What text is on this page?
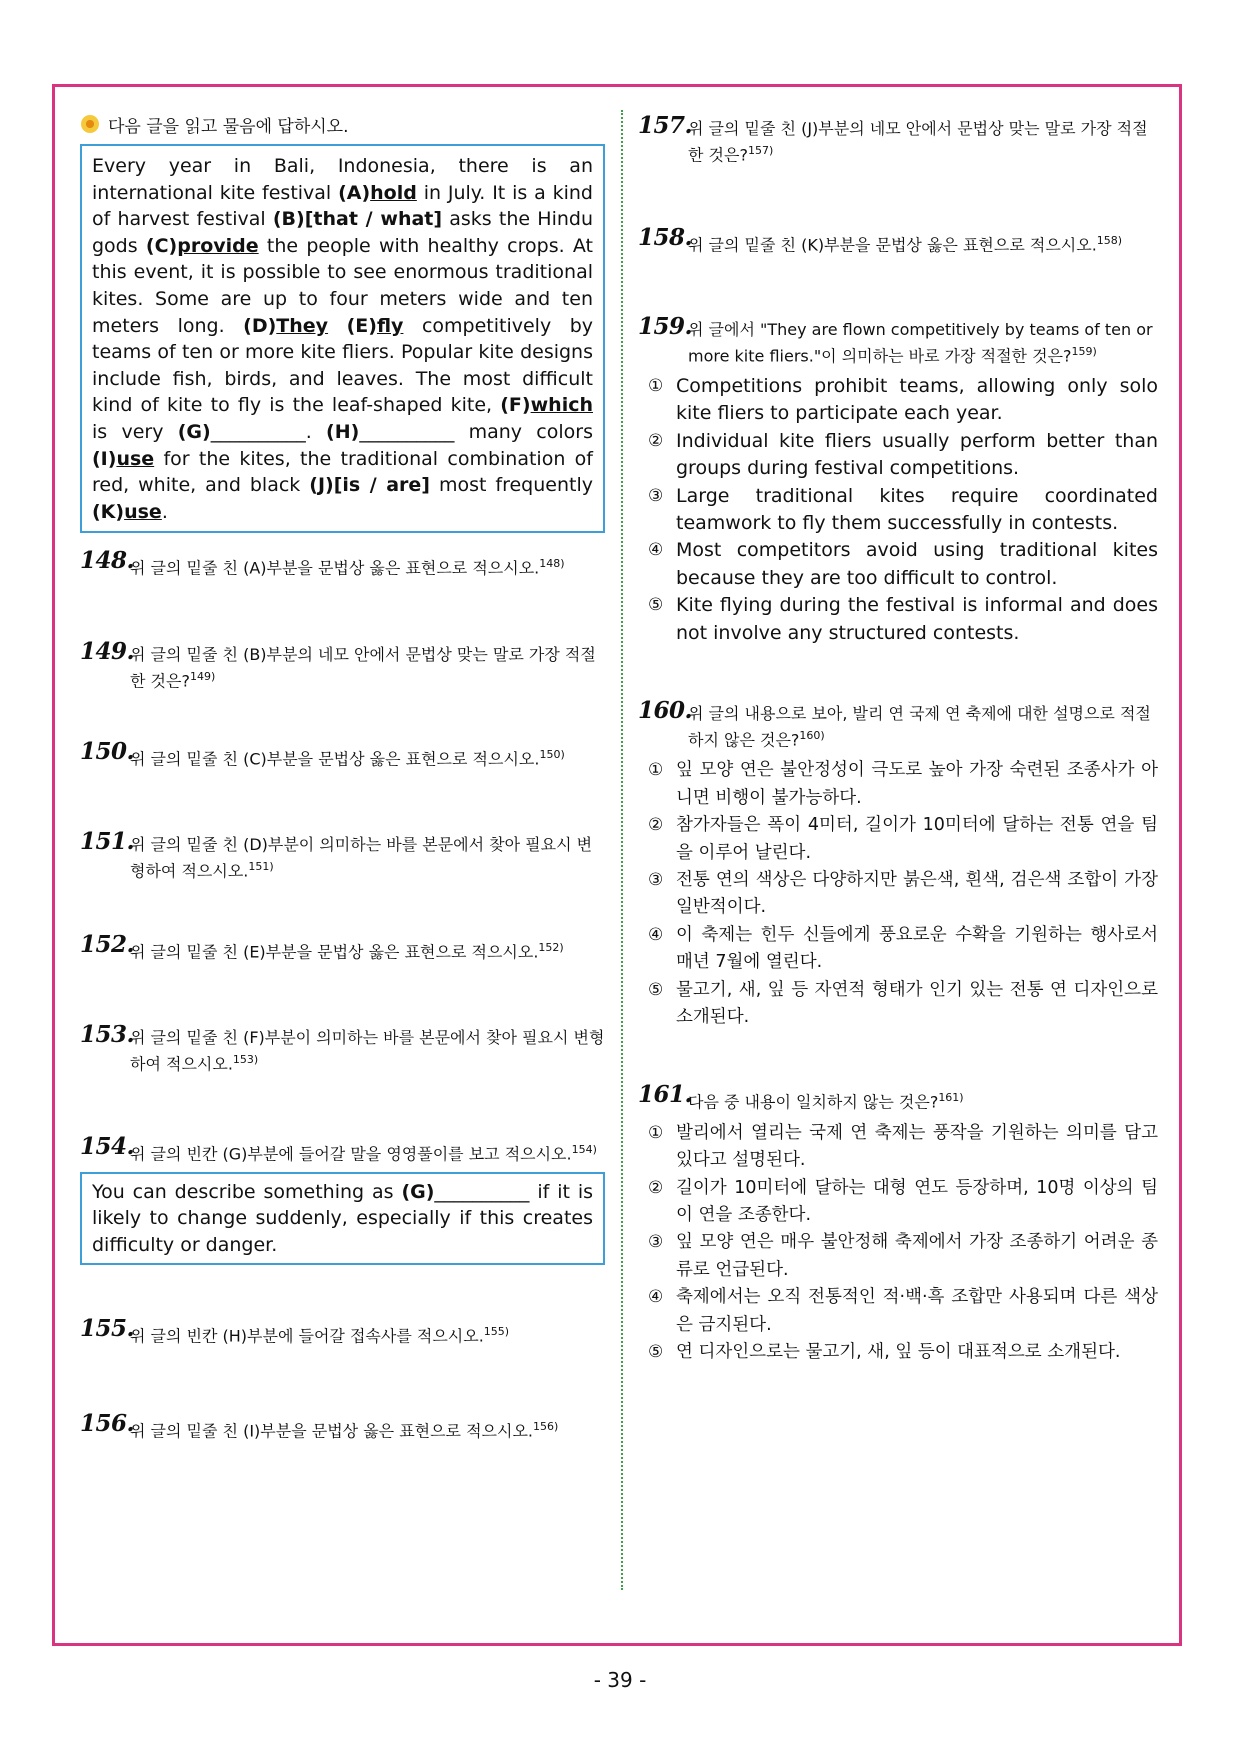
다음 글을 읽고 물음에 답하시오.
Every year in Bali, Indonesia, there is an international kite festival (A)hold in July. It is a kind of harvest festival (B)[that / what] asks the Hindu gods (C)provide the people with healthy crops. At this event, it is possible to see enormous traditional kites. Some are up to four meters wide and ten meters long. (D)They (E)fly competitively by teams of ten or more kite fliers. Popular kite designs include fish, birds, and leaves. The most difficult kind of kite to fly is the leaf-shaped kite, (F)which is very (G)__________. (H)__________ many colors (I)use for the kites, the traditional combination of red, white, and black (J)[is / are] most frequently (K)use.
148.
위 글의 밑줄 친 (A)부분을 문법상 옳은 표현으로 적으시오.$^{148)}$
149.
위 글의 밑줄 친 (B)부분의 네모 안에서 문법상 맞는 말로 가장 적절한 것은?$^{149)}$
150.
위 글의 밑줄 친 (C)부분을 문법상 옳은 표현으로 적으시오.$^{150)}$
151.
위 글의 밑줄 친 (D)부분이 의미하는 바를 본문에서 찾아 필요시 변형하여 적으시오.$^{151)}$
152.
위 글의 밑줄 친 (E)부분을 문법상 옳은 표현으로 적으시오.$^{152)}$
153.
위 글의 밑줄 친 (F)부분이 의미하는 바를 본문에서 찾아 필요시 변형하여 적으시오.$^{153)}$
154.
위 글의 빈칸 (G)부분에 들어갈 말을 영영풀이를 보고 적으시오.$^{154)}$
You can describe something as (G)__________ if it is likely to change suddenly, especially if this creates difficulty or danger.
155.
위 글의 빈칸 (H)부분에 들어갈 접속사를 적으시오.$^{155)}$
156.
위 글의 밑줄 친 (I)부분을 문법상 옳은 표현으로 적으시오.$^{156)}$
157.
위 글의 밑줄 친 (J)부분의 네모 안에서 문법상 맞는 말로 가장 적절한 것은?$^{157)}$
158.
위 글의 밑줄 친 (K)부분을 문법상 옳은 표현으로 적으시오.$^{158)}$
159.
위 글에서 "They are flown competitively by teams of ten or more kite fliers."이 의미하는 바로 가장 적절한 것은?$^{159)}$
① Competitions prohibit teams, allowing only solo kite fliers to participate each year.
② Individual kite fliers usually perform better than groups during festival competitions.
③ Large traditional kites require coordinated teamwork to fly them successfully in contests.
④ Most competitors avoid using traditional kites because they are too difficult to control.
⑤ Kite flying during the festival is informal and does not involve any structured contests.
160.
위 글의 내용으로 보아, 발리 연 국제 연 축제에 대한 설명으로 적절하지 않은 것은?$^{160)}$
① 잎 모양 연은 불안정성이 극도로 높아 가장 숙련된 조종사가 아니면 비행이 불가능하다.
② 참가자들은 폭이 4미터, 길이가 10미터에 달하는 전통 연을 팀을 이루어 날린다.
③ 전통 연의 색상은 다양하지만 붉은색, 흰색, 검은색 조합이 가장 일반적이다.
④ 이 축제는 힌두 신들에게 풍요로운 수확을 기원하는 행사로서 매년 7월에 열린다.
⑤ 물고기, 새, 잎 등 자연적 형태가 인기 있는 전통 연 디자인으로 소개된다.
161.
다음 중 내용이 일치하지 않는 것은?$^{161)}$
① 발리에서 열리는 국제 연 축제는 풍작을 기원하는 의미를 담고 있다고 설명된다.
② 길이가 10미터에 달하는 대형 연도 등장하며, 10명 이상의 팀이 연을 조종한다.
③ 잎 모양 연은 매우 불안정해 축제에서 가장 조종하기 어려운 종류로 언급된다.
④ 축제에서는 오직 전통적인 적·백·흑 조합만 사용되며 다른 색상은 금지된다.
⑤ 연 디자인으로는 물고기, 새, 잎 등이 대표적으로 소개된다.
- 39 -
